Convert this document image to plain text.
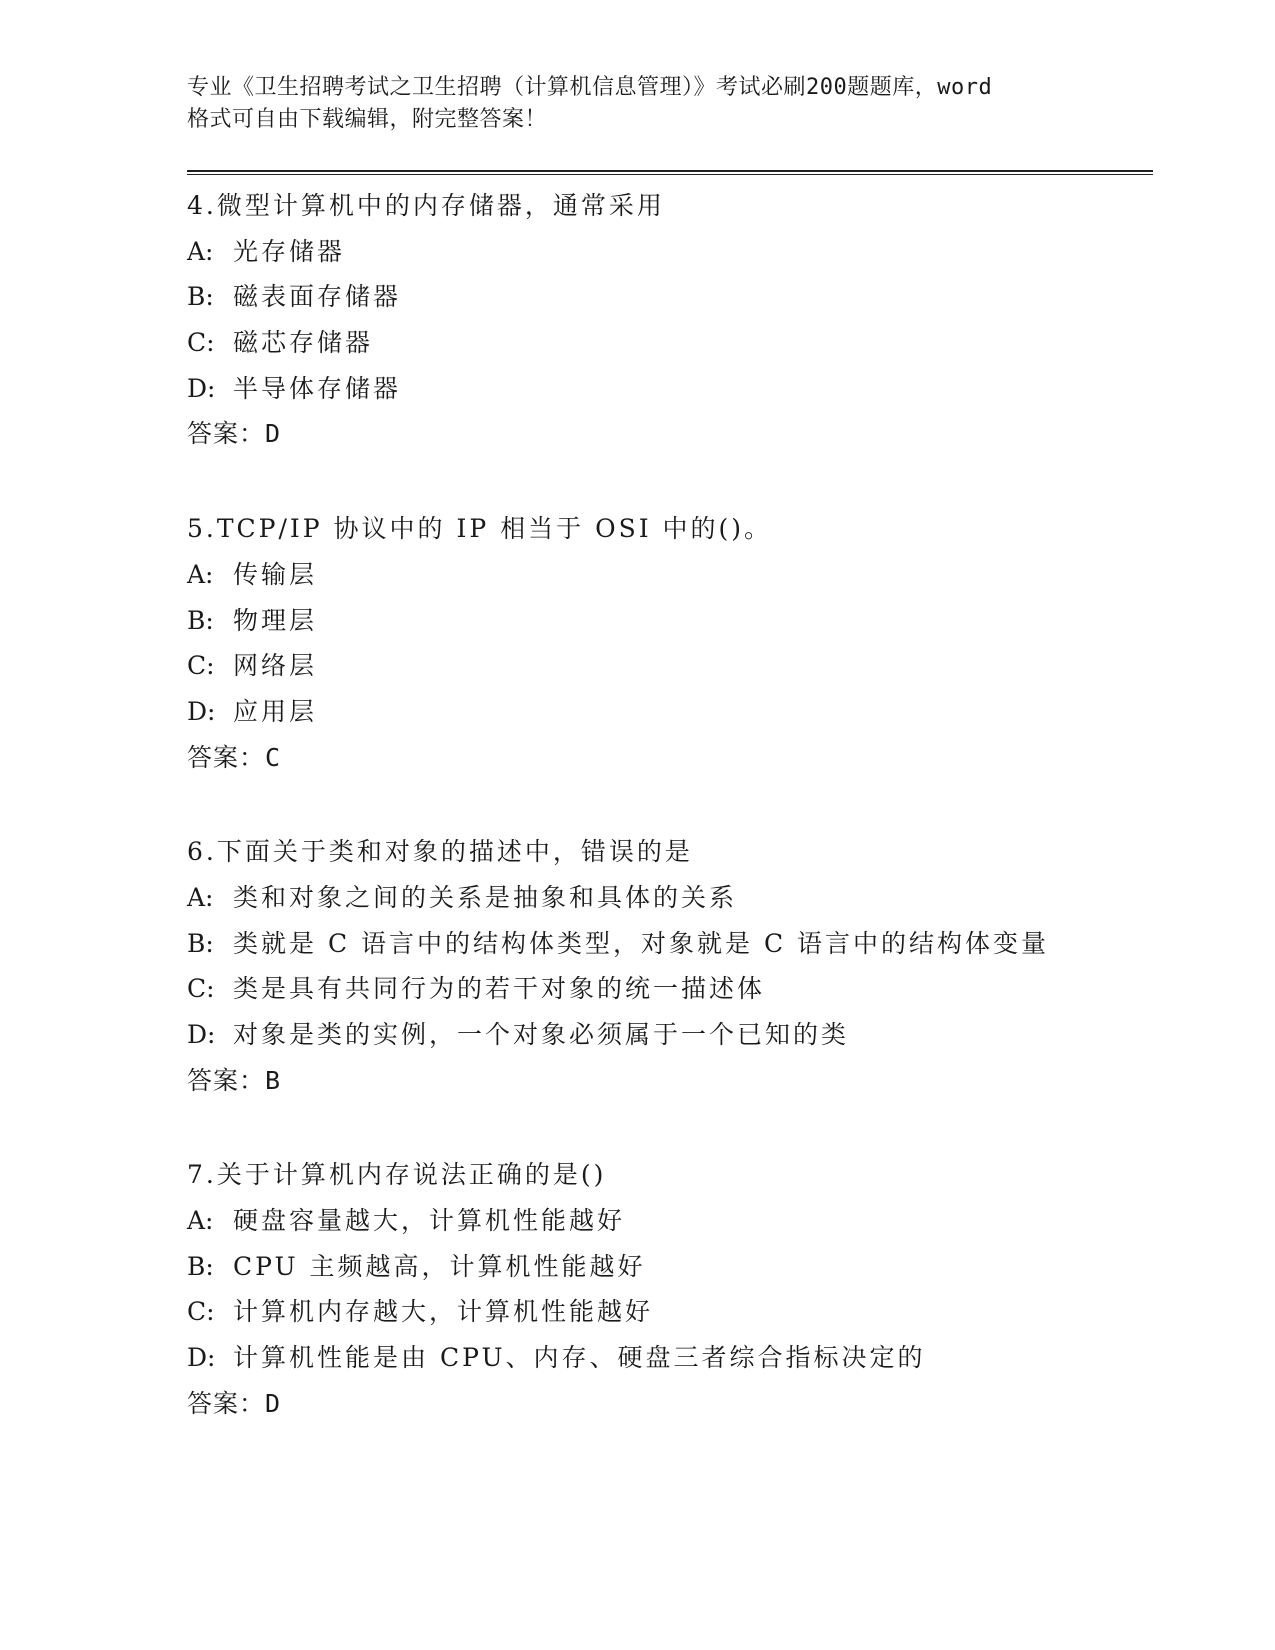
专业《卫生招聘考试之卫生招聘（计算机信息管理）》考试必刷200题题库，word
格式可自由下载编辑，附完整答案！

4.微型计算机中的内存储器，通常采用
A: 光存储器
B: 磁表面存储器
C: 磁芯存储器
D: 半导体存储器
答案：D
5.TCP/IP 协议中的 IP 相当于 OSI 中的()。
A: 传输层
B: 物理层
C: 网络层
D: 应用层
答案：C
6.下面关于类和对象的描述中，错误的是
A: 类和对象之间的关系是抽象和具体的关系
B: 类就是 C 语言中的结构体类型，对象就是 C 语言中的结构体变量
C: 类是具有共同行为的若干对象的统一描述体
D: 对象是类的实例，一个对象必须属于一个已知的类
答案：B
7.关于计算机内存说法正确的是()
A: 硬盘容量越大，计算机性能越好
B: CPU 主频越高，计算机性能越好
C: 计算机内存越大，计算机性能越好
D: 计算机性能是由 CPU、内存、硬盘三者综合指标决定的
答案：D
